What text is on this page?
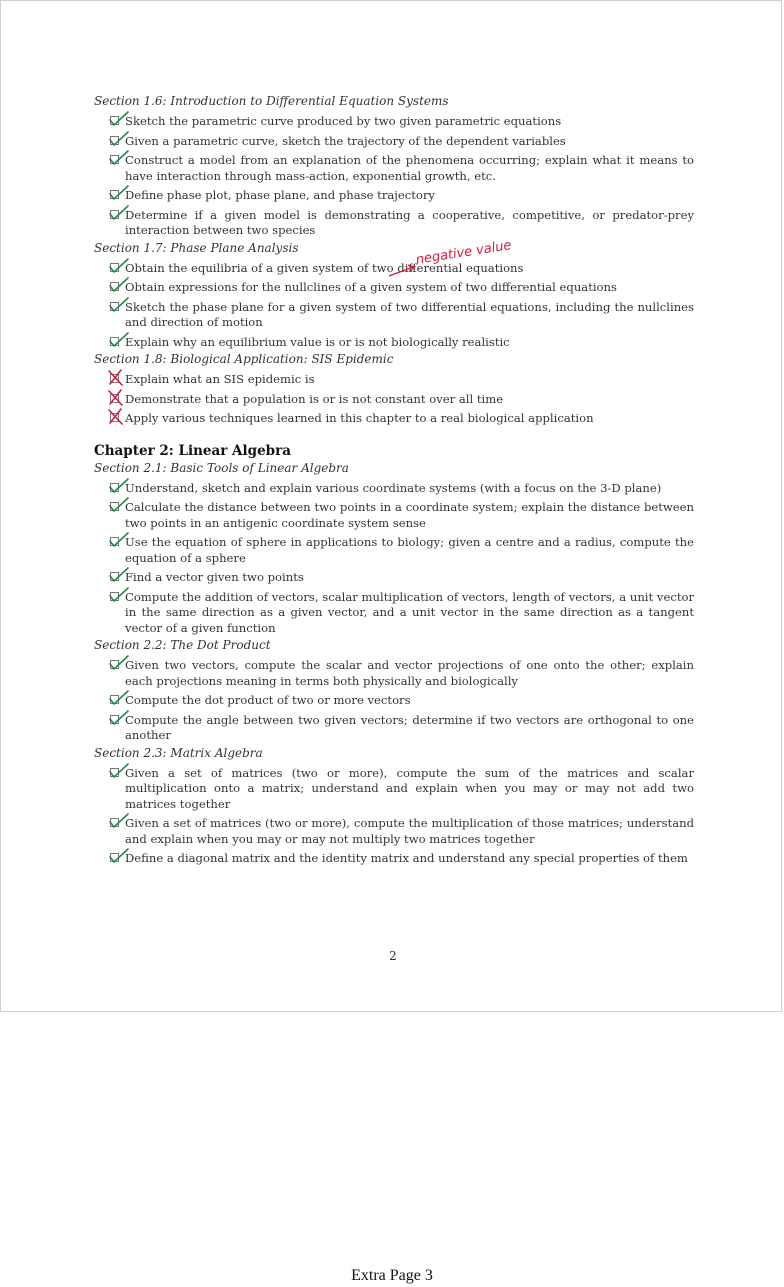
Section 1.6: Introduction to Differential Equation Systems
Sketch the parametric curve produced by two given parametric equations
Given a parametric curve, sketch the trajectory of the dependent variables
Construct a model from an explanation of the phenomena occurring; explain what it means to have interaction through mass-action, exponential growth, etc.
Define phase plot, phase plane, and phase trajectory
Determine if a given model is demonstrating a cooperative, competitive, or predator-prey interaction between two species
Section 1.7: Phase Plane Analysis
Obtain the equilibria of a given system of two differential equations
Obtain expressions for the nullclines of a given system of two differential equations
Sketch the phase plane for a given system of two differential equations, including the nullclines and direction of motion
Explain why an equilibrium value is or is not biologically realistic
Section 1.8: Biological Application: SIS Epidemic
Explain what an SIS epidemic is
Demonstrate that a population is or is not constant over all time
Apply various techniques learned in this chapter to a real biological application
Chapter 2: Linear Algebra
Section 2.1: Basic Tools of Linear Algebra
Understand, sketch and explain various coordinate systems (with a focus on the 3-D plane)
Calculate the distance between two points in a coordinate system; explain the distance between two points in an antigenic coordinate system sense
Use the equation of sphere in applications to biology; given a centre and a radius, compute the equation of a sphere
Find a vector given two points
Compute the addition of vectors, scalar multiplication of vectors, length of vectors, a unit vector in the same direction as a given vector, and a unit vector in the same direction as a tangent vector of a given function
Section 2.2: The Dot Product
Given two vectors, compute the scalar and vector projections of one onto the other; explain each projections meaning in terms both physically and biologically
Compute the dot product of two or more vectors
Compute the angle between two given vectors; determine if two vectors are orthogonal to one another
Section 2.3: Matrix Algebra
Given a set of matrices (two or more), compute the sum of the matrices and scalar multiplication onto a matrix; understand and explain when you may or may not add two matrices together
Given a set of matrices (two or more), compute the multiplication of those matrices; understand and explain when you may or may not multiply two matrices together
Define a diagonal matrix and the identity matrix and understand any special properties of them
negative value
2
Extra Page 3
